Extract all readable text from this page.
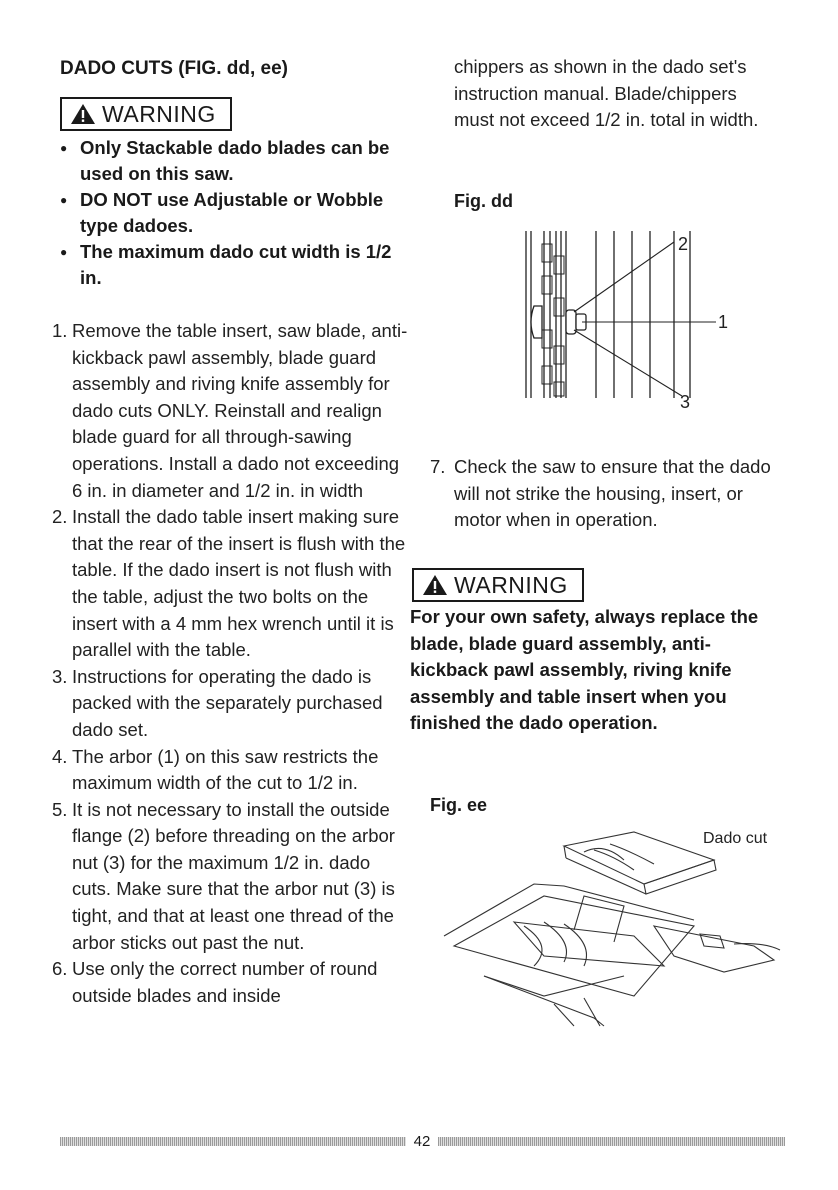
DADO CUTS (FIG. dd, ee)
WARNING
● Only Stackable dado blades can be used on this saw.
● DO NOT use Adjustable or Wobble type dadoes.
● The maximum dado cut width is 1/2 in.
1. Remove the table insert, saw blade, anti-kickback pawl assembly, blade guard assembly and riving knife assembly for dado cuts ONLY. Reinstall and realign blade guard for all through-sawing operations. Install a dado not exceeding 6 in. in diameter and 1/2 in. in width
2. Install the dado table insert making sure that the rear of the insert is flush with the table. If the dado insert is not flush with the table, adjust the two bolts on the insert with a 4 mm hex wrench until it is parallel with the table.
3. Instructions for operating the dado is packed with the separately purchased dado set.
4. The arbor (1) on this saw restricts the maximum width of the cut to 1/2 in.
5. It is not necessary to install the outside flange (2) before threading on the arbor nut (3) for the maximum 1/2 in. dado cuts. Make sure that the arbor nut (3) is tight, and that at least one thread of the arbor sticks out past the nut.
6. Use only the correct number of round outside blades and inside
chippers as shown in the dado set's instruction manual. Blade/chippers must not exceed 1/2 in. total in width.
Fig. dd
2
1
3
7. Check the saw to ensure that the dado will not strike the housing, insert, or motor when in operation.
WARNING
For your own safety, always replace the blade, blade guard assembly, anti-kickback pawl assembly, riving knife assembly and table insert when you finished the dado operation.
Fig. ee
Dado cut
42
